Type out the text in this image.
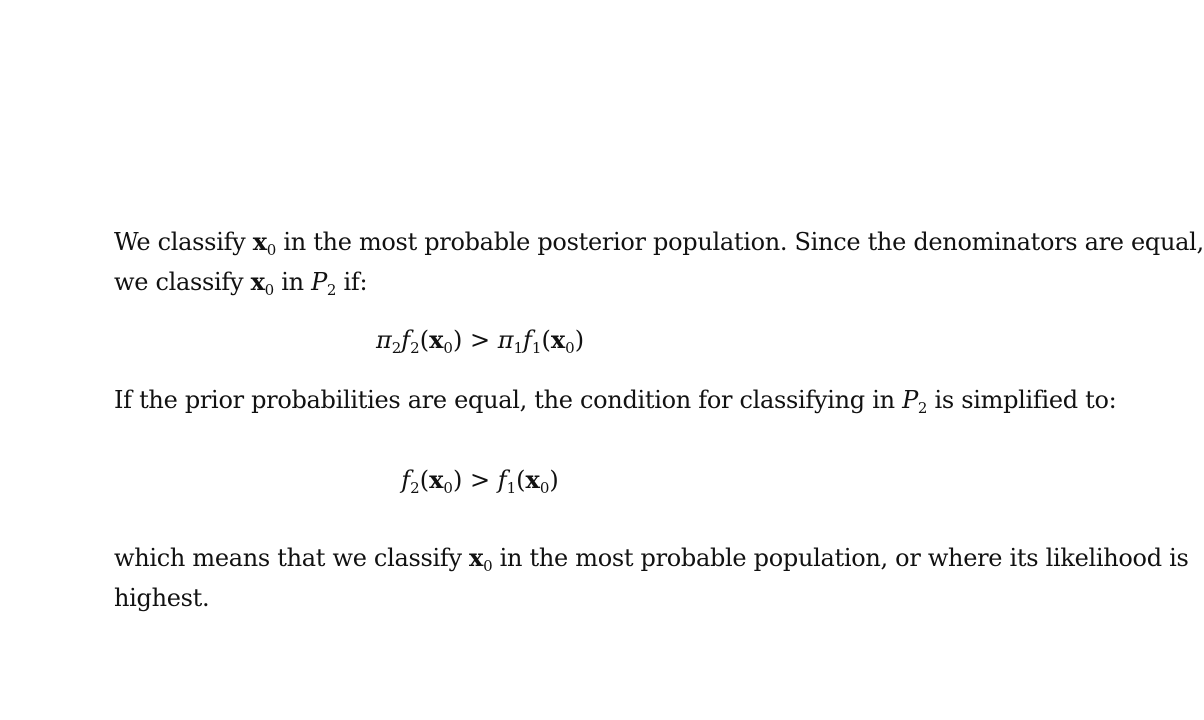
We classify $x_0$ in the most probable posterior population. Since the denominators are equal,
we classify $x_0$ in $P_2$ if:
$\pi_2f_2(x_0) > \pi_1f_1(x_0)$
If the prior probabilities are equal, the condition for classifying in $P_2$ is simplified to:
$f_2(x_0) > f_1(x_0)$
which means that we classify $x_0$ in the most probable population, or where its likelihood is
highest.
